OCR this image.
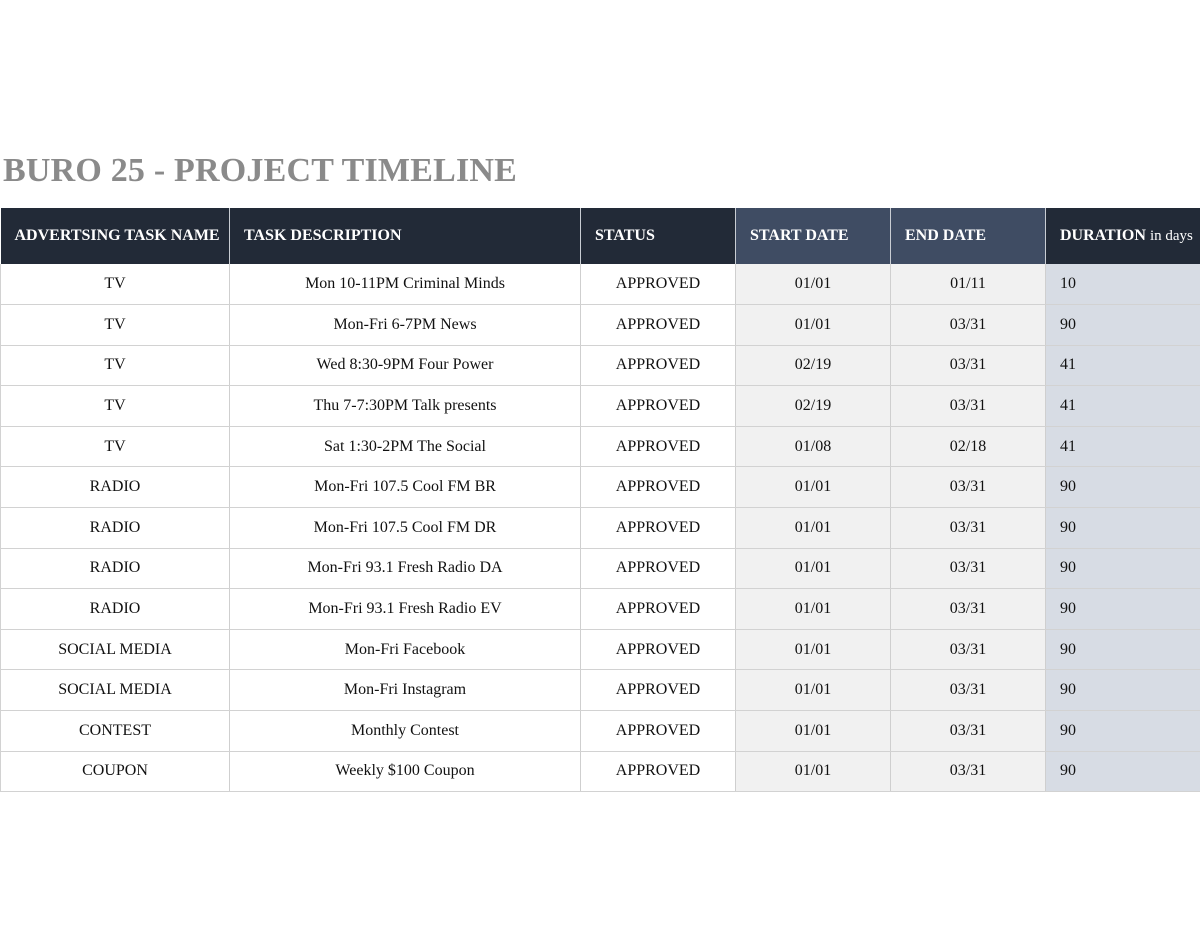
BURO 25 - PROJECT TIMELINE
ADVERTSING TASK NAME	TASK DESCRIPTION	STATUS	START DATE	END DATE	DURATION in days
TV	Mon 10-11PM Criminal Minds	APPROVED	01/01	01/11	10
TV	Mon-Fri 6-7PM News	APPROVED	01/01	03/31	90
TV	Wed 8:30-9PM Four Power	APPROVED	02/19	03/31	41
TV	Thu 7-7:30PM Talk presents	APPROVED	02/19	03/31	41
TV	Sat 1:30-2PM The Social	APPROVED	01/08	02/18	41
RADIO	Mon-Fri 107.5 Cool FM BR	APPROVED	01/01	03/31	90
RADIO	Mon-Fri 107.5 Cool FM DR	APPROVED	01/01	03/31	90
RADIO	Mon-Fri 93.1 Fresh Radio DA	APPROVED	01/01	03/31	90
RADIO	Mon-Fri 93.1 Fresh Radio EV	APPROVED	01/01	03/31	90
SOCIAL MEDIA	Mon-Fri Facebook	APPROVED	01/01	03/31	90
SOCIAL MEDIA	Mon-Fri Instagram	APPROVED	01/01	03/31	90
CONTEST	Monthly Contest	APPROVED	01/01	03/31	90
COUPON	Weekly $100 Coupon	APPROVED	01/01	03/31	90
